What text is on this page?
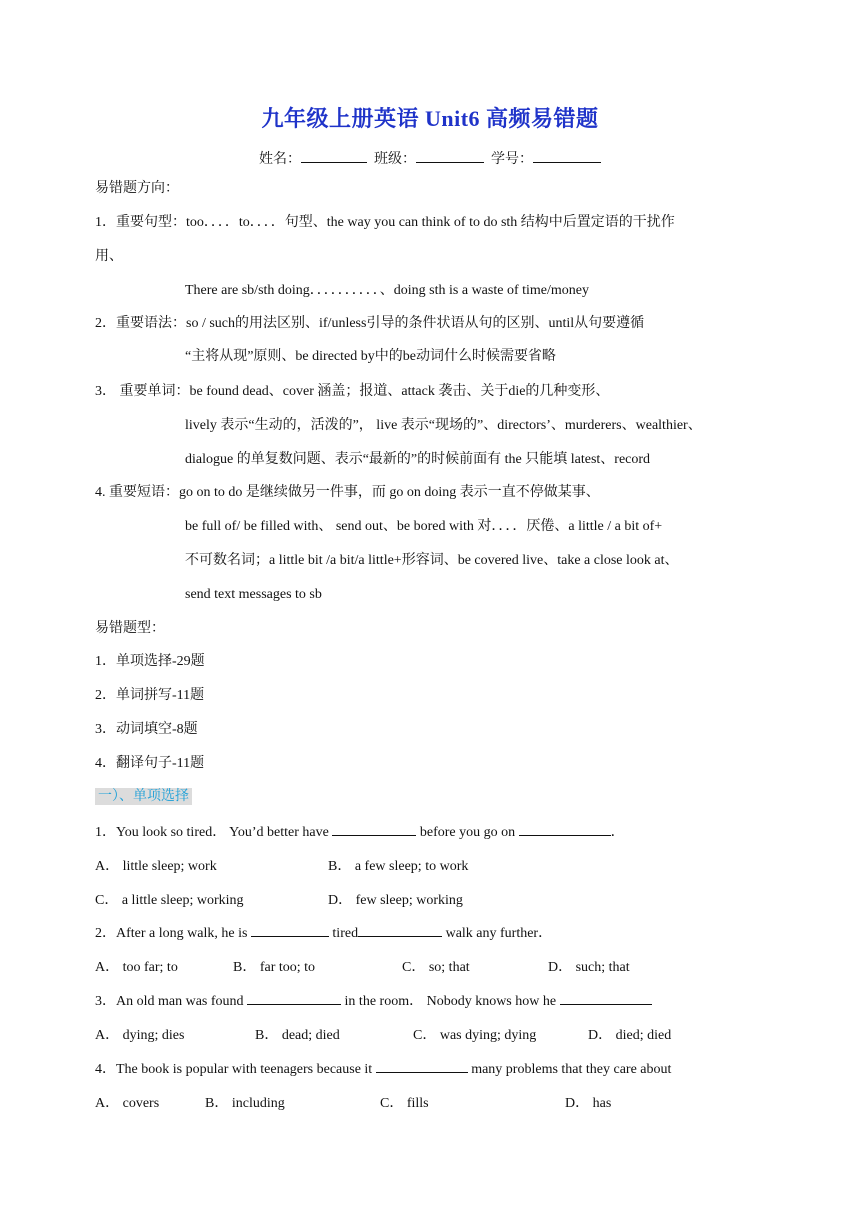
九年级上册英语 Unit6 高频易错题
姓名：	班级：	学号：
易错题方向：
1．重要句型：too．．．．to．．．．句型、the way you can think of to do sth 结构中后置定语的干扰作
用、
There are sb/sth doing．．．．．．．．．．、doing sth is a waste of time/money
2．重要语法：so / such的用法区别、if/unless引导的条件状语从句的区别、until从句要遵循
“主将从现”原则、be directed by中的be动词什么时候需要省略
3． 重要单词：be found dead、cover 涵盖；报道、attack 袭击、关于die的几种变形、
lively 表示“生动的，活泼的”， live 表示“现场的”、directors’、murderers、wealthier、
dialogue 的单复数问题、表示“最新的”的时候前面有 the 只能填 latest、record
4. 重要短语：go on to do 是继续做另一件事，而 go on doing 表示一直不停做某事、
be full of/ be filled with、 send out、be bored with 对．．．．厌倦、a little / a bit of+
不可数名词；a little bit /a bit/a little+形容词、be covered live、take a close look at、
send text messages to sb
易错题型：
1．单项选择-29题
2．单词拼写-11题
3．动词填空-8题
4．翻译句子-11题
一）、单项选择
1．You look so tired． You’d better have	before you go on	．
A． little sleep; work	B． a few sleep; to work
C． a little sleep; working	D． few sleep; working
2．After a long walk, he is	tired	walk any further．
A． too far; to	B． far too; to	C． so; that	D． such; that
3．An old man was found	in the room． Nobody knows how he
A． dying; dies	B． dead; died	C． was dying; dying	D． died; died
4．The book is popular with teenagers because it	many problems that they care about
A． covers	B． including	C． fills	D． has
